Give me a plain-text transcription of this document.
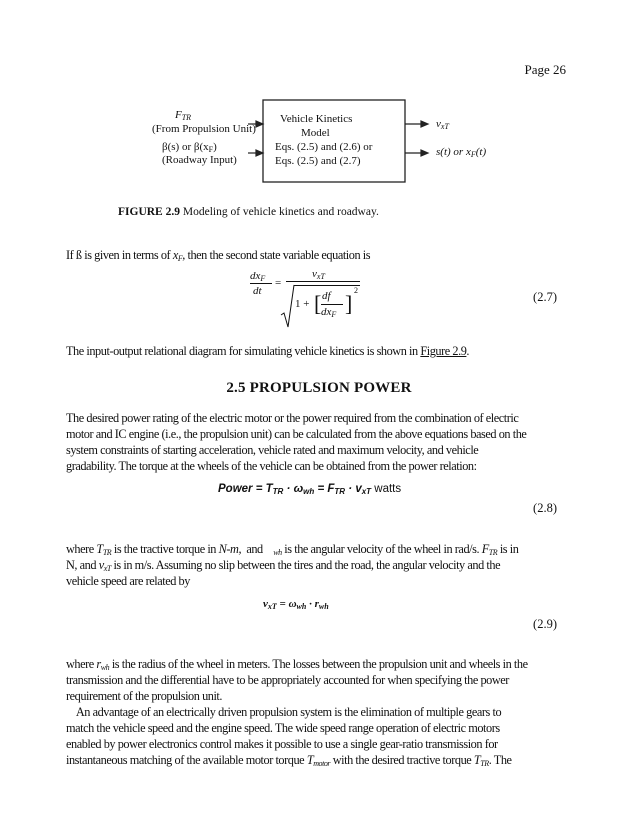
Page 26
$F_{TR}$
(From Propulsion Unit)
β(s) or $\beta(x_F)$
(Roadway Input)
Vehicle Kinetics
Model
Eqs. (2.5) and (2.6) or
Eqs. (2.5) and (2.7)
$v_{xT}$
s(t) or $x_F(t)$
FIGURE 2.9 Modeling of vehicle kinetics and roadway.
If ß is given in terms of $x_F$, then the second state variable equation is
$dx_F$
dt
=
$v_{xT}$
1 + [ df
$dx_F$ ]
2	(2.7)
The input-output relational diagram for simulating vehicle kinetics is shown in Figure 2.9.
2.5 PROPULSION POWER
The desired power rating of the electric motor or the power required from the combination of electric
motor and IC engine (i.e., the propulsion unit) can be calculated from the above equations based on the
system constraints of starting acceleration, vehicle rated and maximum velocity, and vehicle
gradability. The torque at the wheels of the vehicle can be obtained from the power relation:
Power = $T_{TR} \cdot \omega_{wh} = F_{TR} \cdot v_{xT}$ watts
(2.8)
where $T_{TR}$ is the tractive torque in N-m,  and    $_{wh}$ is the angular velocity of the wheel in rad/s. $F_{TR}$ is in
N, and $v_{xT}$ is in m/s. Assuming no slip between the tires and the road, the angular velocity and the
vehicle speed are related by
$v_{xT} = \omega_{wh} \cdot r_{wh}$
(2.9)
where $r_{wh}$ is the radius of the wheel in meters. The losses between the propulsion unit and wheels in the
transmission and the differential have to be appropriately accounted for when specifying the power
requirement of the propulsion unit.
An advantage of an electrically driven propulsion system is the elimination of multiple gears to
match the vehicle speed and the engine speed. The wide speed range operation of electric motors
enabled by power electronics control makes it possible to use a single gear-ratio transmission for
instantaneous matching of the available motor torque $T_{motor}$ with the desired tractive torque $T_{TR}$. The
